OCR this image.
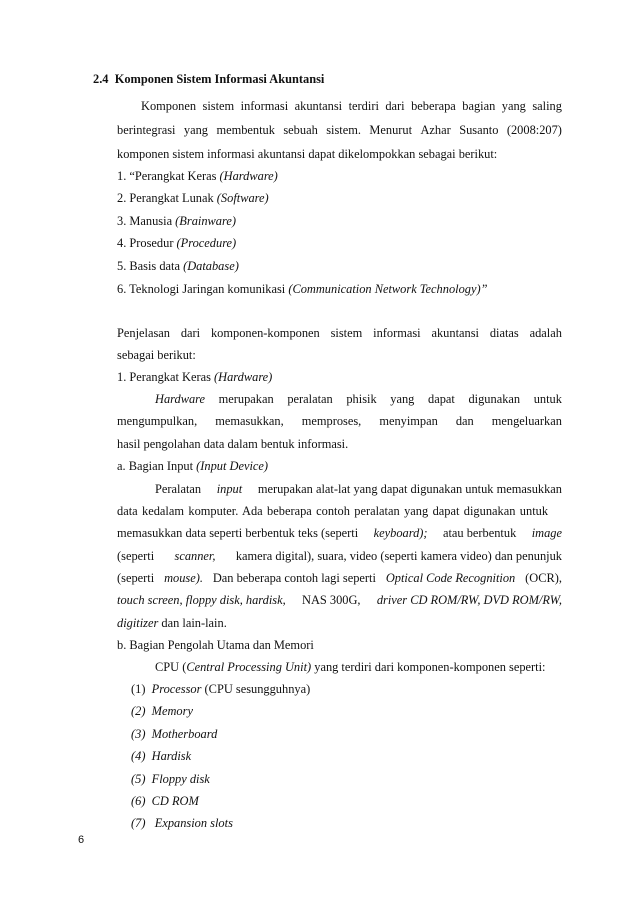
2.4 Komponen Sistem Informasi Akuntansi
Komponen sistem informasi akuntansi terdiri dari beberapa bagian yang saling
berintegrasi yang membentuk sebuah sistem. Menurut Azhar Susanto (2008:207)
komponen sistem informasi akuntansi dapat dikelompokkan sebagai berikut:
1. “Perangkat Keras (Hardware)
2. Perangkat Lunak (Software)
3. Manusia (Brainware)
4. Prosedur (Procedure)
5. Basis data (Database)
6. Teknologi Jaringan komunikasi (Communication Network Technology)”
Penjelasan dari komponen-komponen sistem informasi akuntansi diatas adalah
sebagai berikut:
1. Perangkat Keras (Hardware)
Hardware merupakan peralatan phisik yang dapat digunakan untuk
mengumpulkan, memasukkan, memproses, menyimpan dan mengeluarkan
hasil pengolahan data dalam bentuk informasi.
a. Bagian Input (Input Device)
Peralatan input merupakan alat-lat yang dapat digunakan untuk memasukkan
data kedalam komputer. Ada beberapa contoh peralatan yang dapat digunakan untuk
memasukkan data seperti berbentuk teks (seperti keyboard); atau berbentuk image
(seperti scanner, kamera digital), suara, video (seperti kamera video) dan penunjuk
(seperti mouse). Dan beberapa contoh lagi seperti Optical Code Recognition (OCR),
touch screen, floppy disk, hardisk, NAS 300G, driver CD ROM/RW, DVD ROM/RW,
digitizer dan lain-lain.
b. Bagian Pengolah Utama dan Memori
CPU (Central Processing Unit) yang terdiri dari komponen-komponen seperti:
(1) Processor (CPU sesungguhnya)
(2) Memory
(3) Motherboard
(4) Hardisk
(5) Floppy disk
(6) CD ROM
(7)   Expansion slots
6
